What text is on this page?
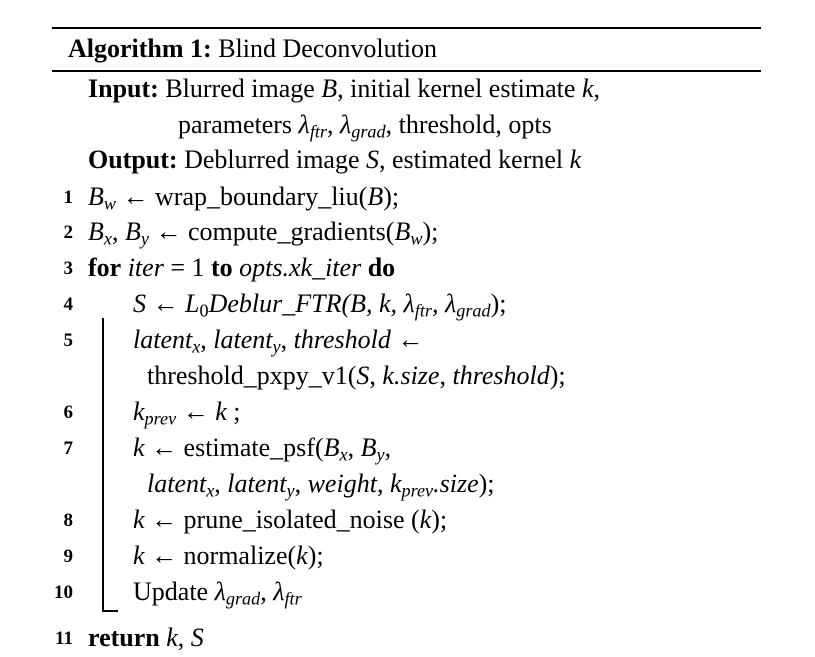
Algorithm 1: Blind Deconvolution
Input: Blurred image B, initial kernel estimate k,
parameters $\lambda_{ftr}$, $\lambda_{grad}$, threshold, opts
Output: Deblurred image S, estimated kernel k
1
2
3
4
5
6
7
8
9
10
11
$B_w$ ← wrap_boundary_liu(B);
$B_x$, $B_y$ ← $compute\_gradients(B_w)$;
for iter = 1 to opts.xk_iter do
S ← $L_0Deblur\_FTR(B$, k, $\lambda_{ftr}$, $\lambda_{grad}$);
latent$_x$, latent$_y$, threshold ←
threshold_pxpy_v1(S, k.size, threshold);
$k_{prev}$ ← k ;
k ← $estimate\_psf(B_x$, $B_y$,
latent$_x$, latent$_y$, weight, $k_{prev}.size$);
k ← prune_isolated_noise (k);
k ← normalize(k);
Update $\lambda_{grad}$, $\lambda_{ftr}$
return k, S
